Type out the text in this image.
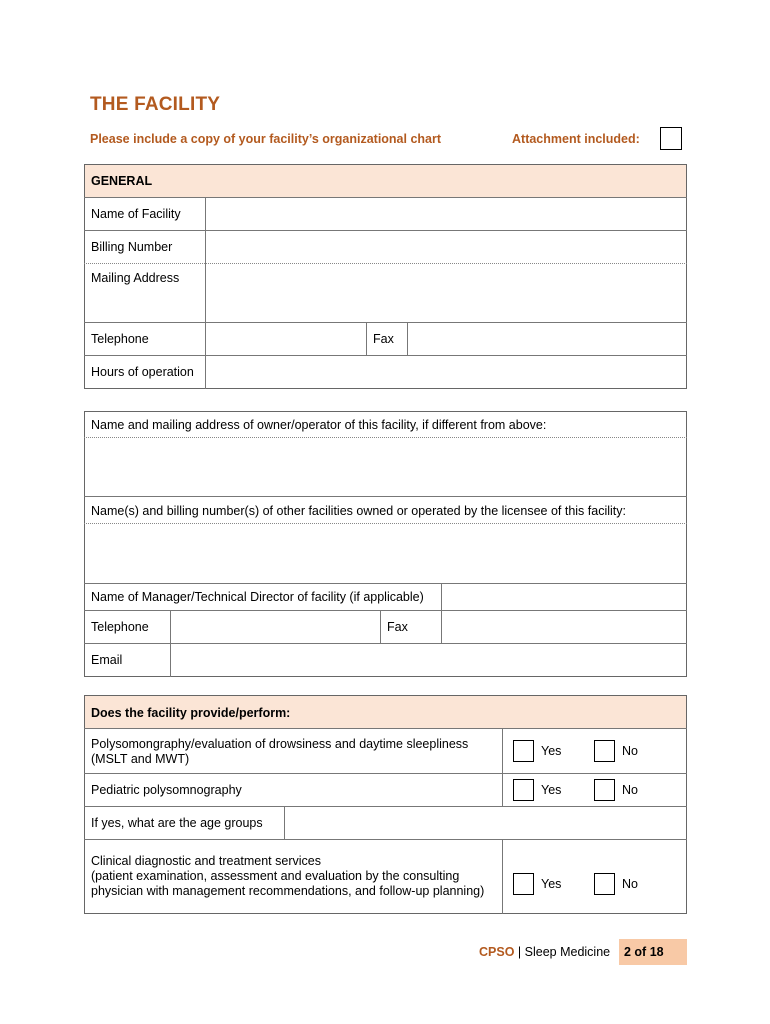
THE FACILITY
Please include a copy of your facility’s organizational chart	Attachment included:
GENERAL
Name of Facility
Billing Number
Mailing Address
Telephone	Fax
Hours of operation
Name and mailing address of owner/operator of this facility, if different from above:
Name(s) and billing number(s) of other facilities owned or operated by the licensee of this facility:
Name of Manager/Technical Director of facility (if applicable)
Telephone	Fax
Email
Does the facility provide/perform:
Polysomongraphy/evaluation of drowsiness and daytime sleepliness
(MSLT and MWT)
Yes	No
Pediatric polysomnography	Yes	No
If yes, what are the age groups
Clinical diagnostic and treatment services
(patient examination, assessment and evaluation by the consulting
physician with management recommendations, and follow-up planning)	Yes	No
CPSO | Sleep Medicine 2 of 18
